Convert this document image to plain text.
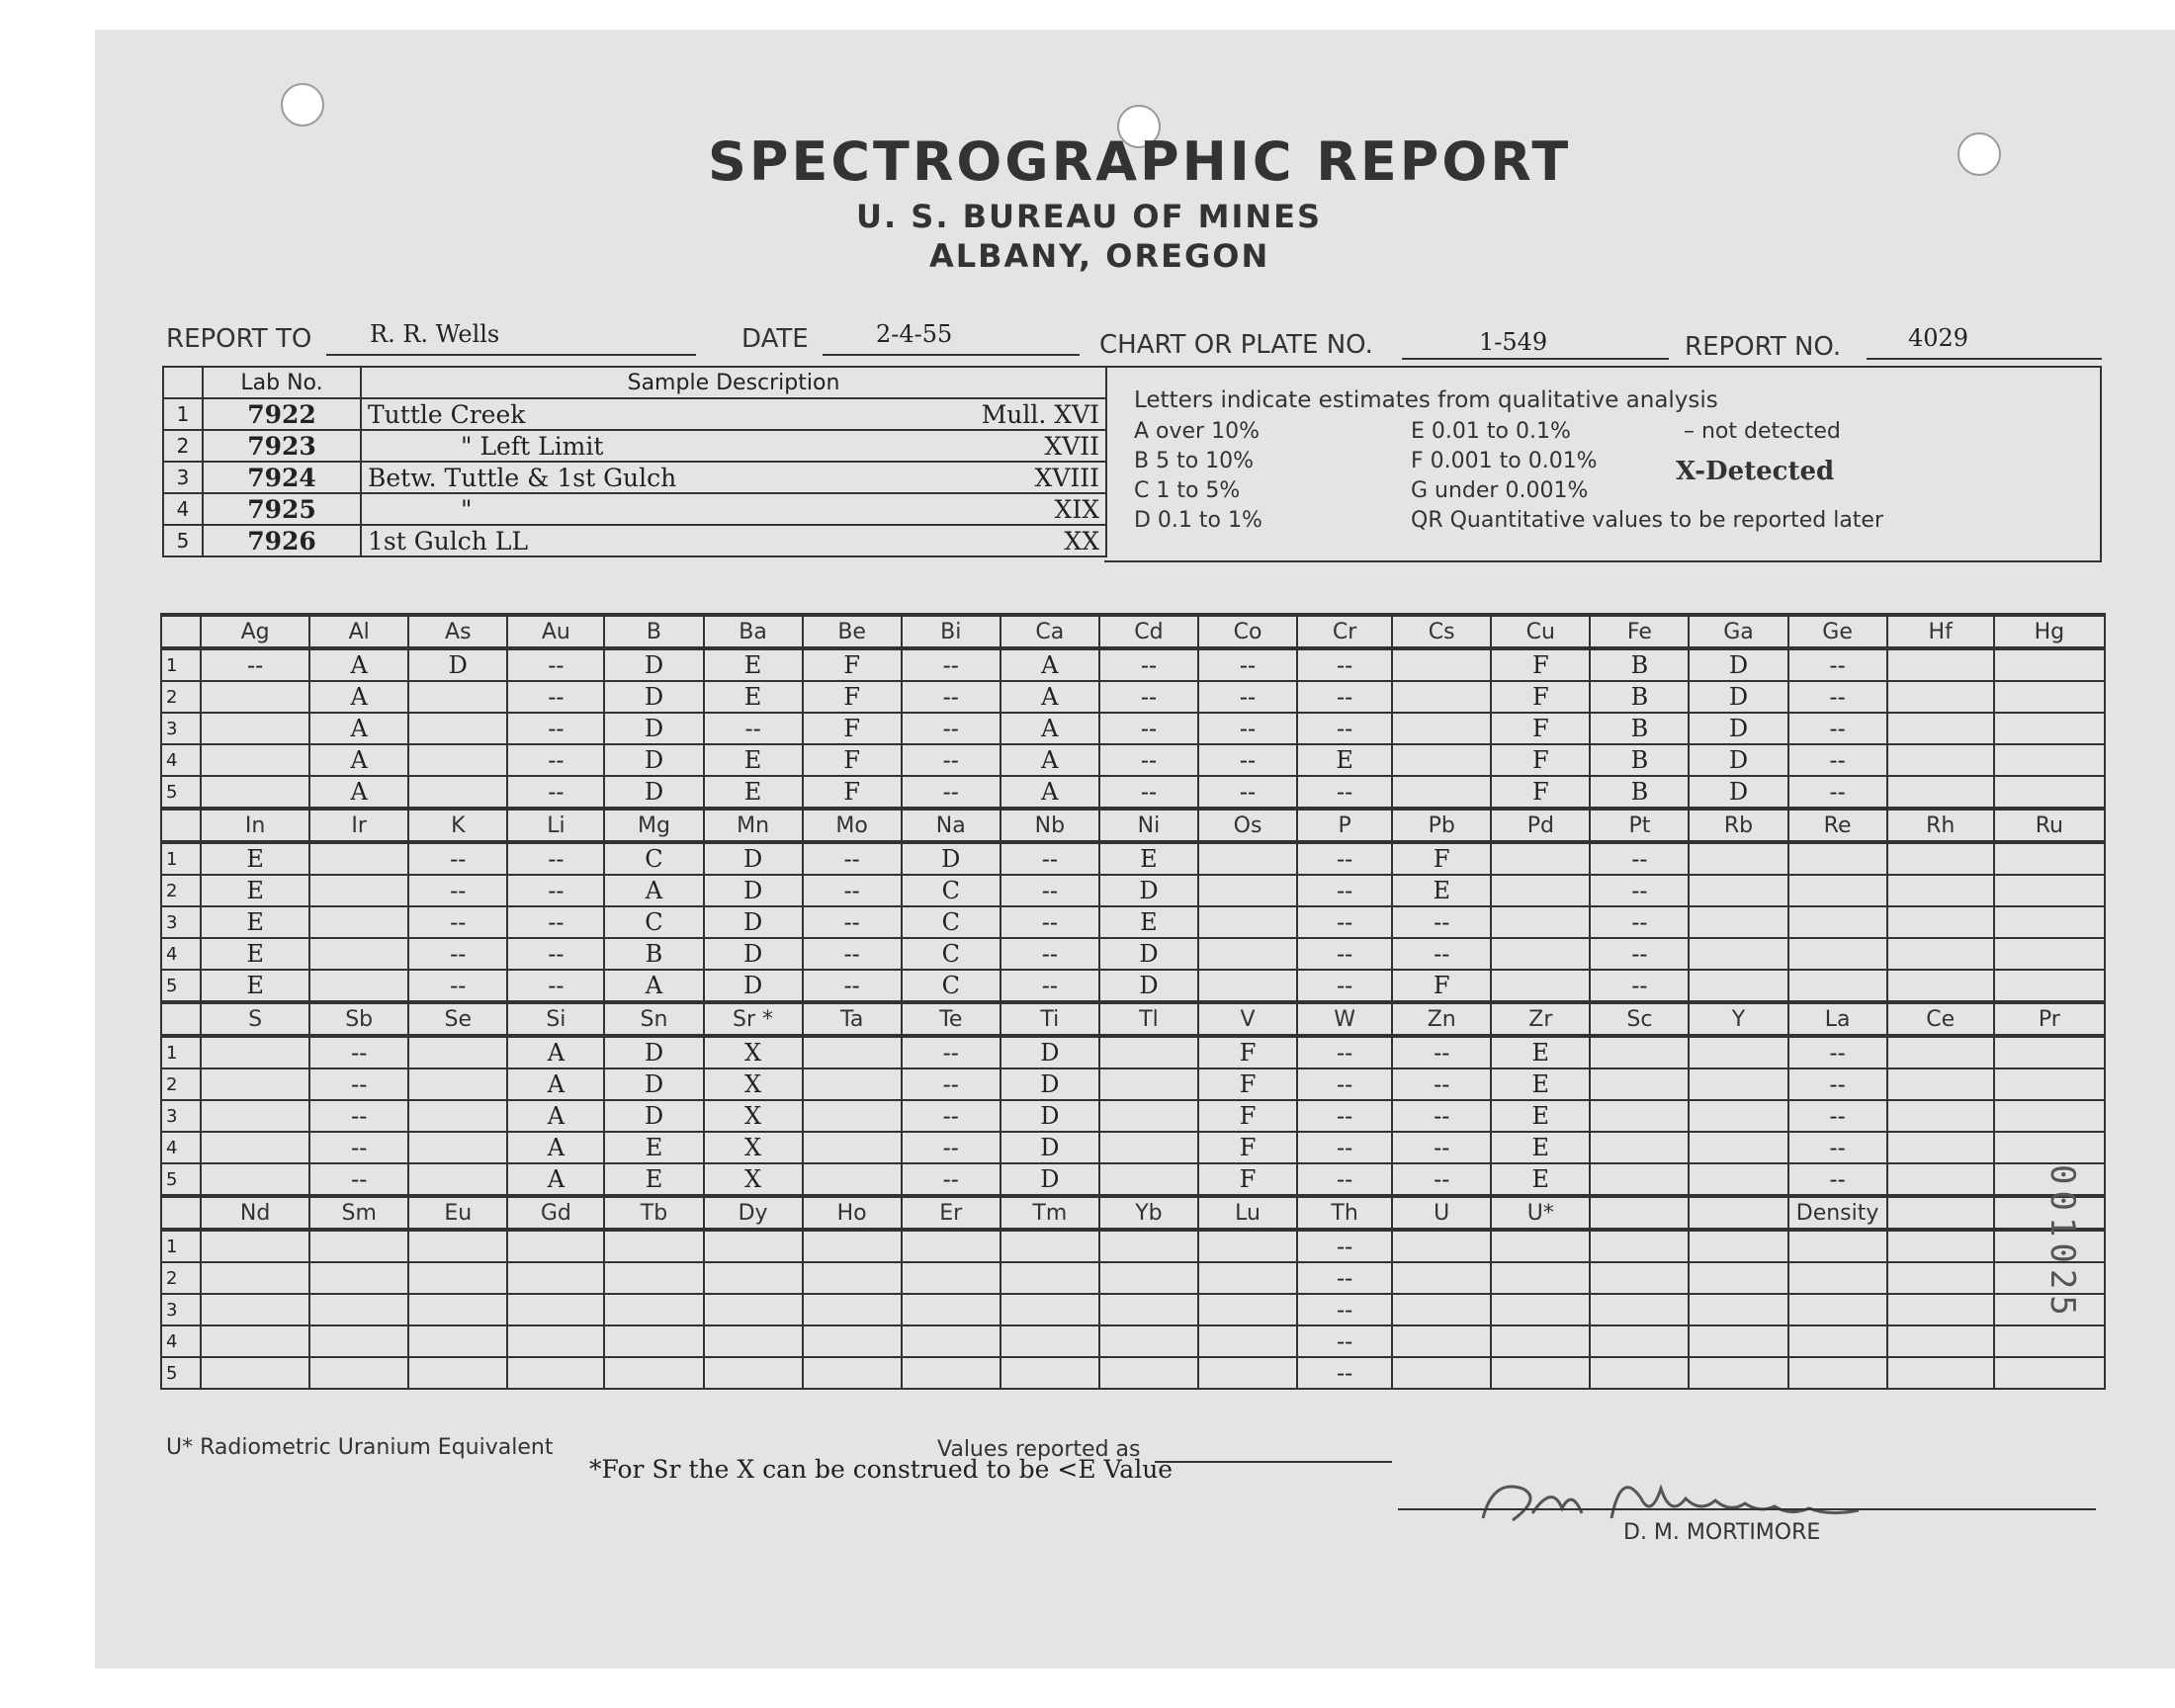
SPECTROGRAPHIC REPORT
U. S. BUREAU OF MINES
ALBANY, OREGON
REPORT TO R. R. Wells	DATE	2-4-55	CHART OR PLATE NO.	1-549	REPORT NO.	4029
	Lab No.	Sample Description
1	7922	Tuttle Creek Mull. XVI

2	7923	" Left Limit XVII

3	7924	Betw. Tuttle & 1st Gulch XVIII

4	7925	" XIX

5	7926	1st Gulch LL XX
Letters indicate estimates from qualitative analysis
A over 10%
B 5 to 10%
C 1 to 5%
D 0.1 to 1%
E 0.01 to 0.1%
F 0.001 to 0.01%
G under 0.001%
QR Quantitative values to be reported later
– not detected
X-Detected
	Ag	Al	As	Au	B	Ba	Be	Bi	Ca	Cd	Co	Cr	Cs	Cu	Fe	Ga	Ge	Hf	Hg
1	--	A	D	--	D	E	F	--	A	--	--	--		F	B	D	--		
2		A		--	D	E	F	--	A	--	--	--		F	B	D	--		
3		A		--	D	--	F	--	A	--	--	--		F	B	D	--		
4		A		--	D	E	F	--	A	--	--	E		F	B	D	--		
5		A		--	D	E	F	--	A	--	--	--		F	B	D	--		
	In	Ir	K	Li	Mg	Mn	Mo	Na	Nb	Ni	Os	P	Pb	Pd	Pt	Rb	Re	Rh	Ru
1	E		--	--	C	D	--	D	--	E		--	F		--				
2	E		--	--	A	D	--	C	--	D		--	E		--				
3	E		--	--	C	D	--	C	--	E		--	--		--				
4	E		--	--	B	D	--	C	--	D		--	--		--				
5	E		--	--	A	D	--	C	--	D		--	F		--				
	S	Sb	Se	Si	Sn	Sr *	Ta	Te	Ti	Tl	V	W	Zn	Zr	Sc	Y	La	Ce	Pr
1		--		A	D	X		--	D		F	--	--	E			--		
2		--		A	D	X		--	D		F	--	--	E			--		
3		--		A	D	X		--	D		F	--	--	E			--		
4		--		A	E	X		--	D		F	--	--	E			--		
5		--		A	E	X		--	D		F	--	--	E			--		
	Nd	Sm	Eu	Gd	Tb	Dy	Ho	Er	Tm	Yb	Lu	Th	U	U*			Density		
1												--							
2												--							
3												--							
4												--							
5												--							
U* Radiometric Uranium Equivalent	Values reported as
*For Sr the X can be construed to be <E Value
D. M. MORTIMORE
001025
